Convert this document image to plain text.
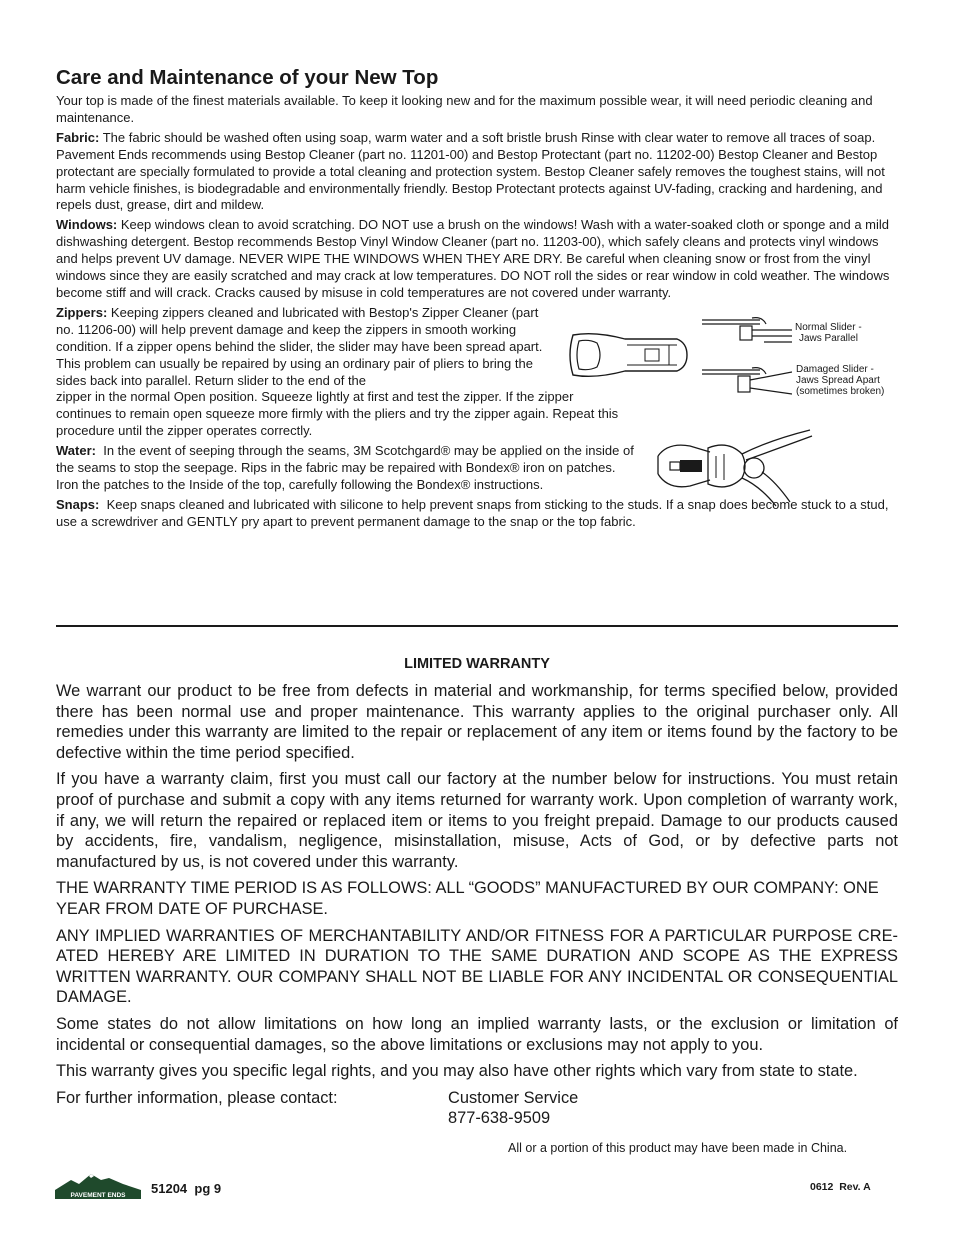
Care and Maintenance of your New Top

Your top is made of the finest materials available. To keep it looking new and for the maximum possible wear, it will need periodic cleaning and maintenance.

Fabric: The fabric should be washed often using soap, warm water and a soft bristle brush Rinse with clear water to remove all traces of soap. Pavement Ends recommends using Bestop Cleaner (part no. 11201-00) and Bestop Protectant (part no. 11202-00) Bestop Cleaner and Bestop protectant are specially formulated to provide a total cleaning and protection system. Bestop Cleaner safely removes the toughest stains, will not harm vehicle finishes, is biodegradable and environmentally friendly. Bestop Protectant protects against UV-fading, cracking and hardening, and repels dust, grease, dirt and mildew.

Windows: Keep windows clean to avoid scratching. DO NOT use a brush on the windows! Wash with a water-soaked cloth or sponge and a mild dishwashing detergent. Bestop recommends Bestop Vinyl Window Cleaner (part no. 11203-00), which safely cleans and protects vinyl windows and helps prevent UV damage. NEVER WIPE THE WINDOWS WHEN THEY ARE DRY. Be careful when cleaning snow or frost from the vinyl windows since they are easily scratched and may crack at low temperatures. DO NOT roll the sides or rear window in cold weather. The windows become stiff and will crack. Cracks caused by misuse in cold temperatures are not covered under warranty.

Zippers: Keeping zippers cleaned and lubricated with Bestop's Zipper Cleaner (part no. 11206-00) will help prevent damage and keep the zippers in smooth working condition. If a zipper opens behind the slider, the slider may have been spread apart. This problem can usually be repaired by using an ordinary pair of pliers to bring the sides back into parallel. Return slider to the end of the

zipper in the normal Open position. Squeeze lightly at first and test the zipper. If the zipper continues to remain open squeeze more firmly with the pliers and try the zipper again. Repeat this procedure until the zipper operates correctly.

Water: In the event of seeping through the seams, 3M Scotchgard® may be applied on the inside of the seams to stop the seepage. Rips in the fabric may be repaired with Bondex® iron on patches. Iron the patches to the Inside of the top, carefully following the Bondex® instructions.

Snaps: Keep snaps cleaned and lubricated with silicone to help prevent snaps from sticking to the studs. If a snap does become stuck to a stud, use a screwdriver and GENTLY pry apart to prevent permanent damage to the snap or the top fabric.

Normal Slider -
Jaws Parallel
Damaged Slider -
Jaws Spread Apart
(sometimes broken)
LIMITED WARRANTY

We warrant our product to be free from defects in material and workmanship, for terms specified below, provided there has been normal use and proper maintenance. This warranty applies to the original purchaser only. All remedies under this warranty are limited to the repair or replacement of any item or items found by the factory to be defective within the time period specified.

If you have a warranty claim, first you must call our factory at the number below for instructions. You must retain proof of purchase and submit a copy with any items returned for warranty work. Upon completion of warranty work, if any, we will return the repaired or replaced item or items to you freight prepaid. Damage to our products caused by accidents, fire, vandalism, negligence, misinstallation, misuse, Acts of God, or by defective parts not manufactured by us, is not covered under this warranty.

THE WARRANTY TIME PERIOD IS AS FOLLOWS: ALL “GOODS” MANUFACTURED BY OUR COMPANY: ONE YEAR FROM DATE OF PURCHASE.

ANY IMPLIED WARRANTIES OF MERCHANTABILITY AND/OR FITNESS FOR A PARTICULAR PURPOSE CRE-ATED HEREBY ARE LIMITED IN DURATION TO THE SAME DURATION AND SCOPE AS THE EXPRESS WRITTEN WARRANTY. OUR COMPANY SHALL NOT BE LIABLE FOR ANY INCIDENTAL OR CONSEQUENTIAL DAMAGE.

Some states do not allow limitations on how long an implied warranty lasts, or the exclusion or limitation of incidental or consequential damages, so the above limitations or exclusions may not apply to you.

This warranty gives you specific legal rights, and you may also have other rights which vary from state to state.

For further information, please contact:	Customer Service
877-638-9509
All or a portion of this product may have been made in China.
PAVEMENT ENDS 51204  pg 9	0612  Rev. A
